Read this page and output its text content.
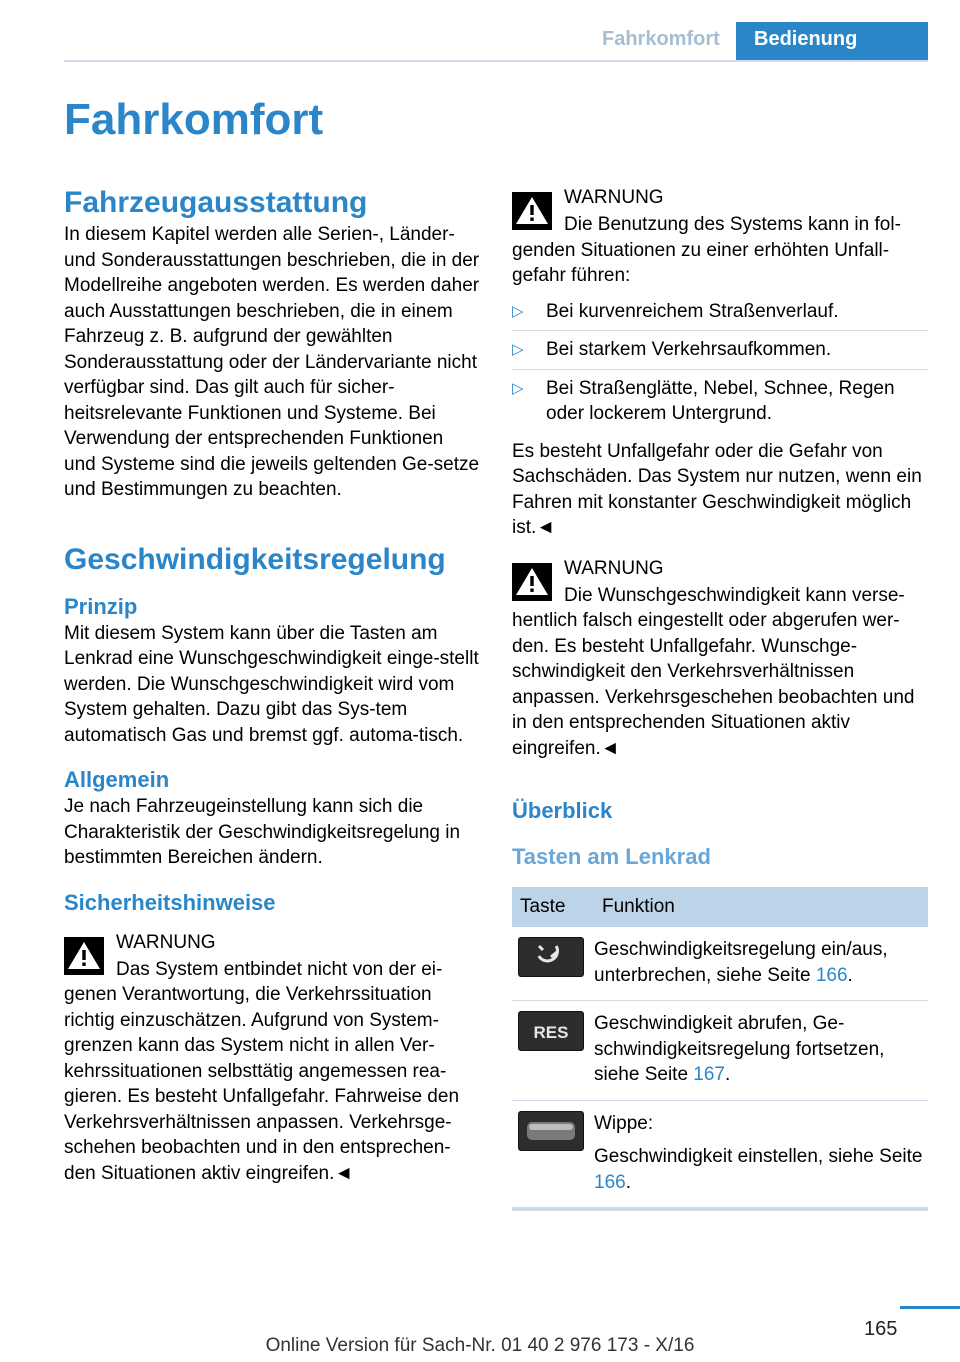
Fahrkomfort Bedienung
Fahrkomfort
Fahrzeugausstattung

In diesem Kapitel werden alle Serien-, Länder- und Sonderausstattungen beschrieben, die in der Modellreihe angeboten werden. Es werden daher auch Ausstattungen beschrieben, die in einem Fahrzeug z. B. aufgrund der gewählten Sonderausstattung oder der Ländervariante nicht verfügbar sind. Das gilt auch für sicher-heitsrelevante Funktionen und Systeme. Bei Verwendung der entsprechenden Funktionen und Systeme sind die jeweils geltenden Ge-setze und Bestimmungen zu beachten.

Geschwindigkeitsregelung
Prinzip

Mit diesem System kann über die Tasten am Lenkrad eine Wunschgeschwindigkeit einge-stellt werden. Die Wunschgeschwindigkeit wird vom System gehalten. Dazu gibt das Sys-tem automatisch Gas und bremst ggf. automa-tisch.

Allgemein

Je nach Fahrzeugeinstellung kann sich die Charakteristik der Geschwindigkeitsregelung in bestimmten Bereichen ändern.

Sicherheitshinweise
WARNUNG

Das System entbindet nicht von der ei-genen Verantwortung, die Verkehrssituation richtig einzuschätzen. Aufgrund von System-grenzen kann das System nicht in allen Ver-kehrssituationen selbsttätig angemessen rea-gieren. Es besteht Unfallgefahr. Fahrweise den Verkehrsverhältnissen anpassen. Verkehrsge-schehen beobachten und in den entsprechen-den Situationen aktiv eingreifen.◄

WARNUNG

Die Benutzung des Systems kann in fol-genden Situationen zu einer erhöhten Unfall-gefahr führen:

▷ Bei kurvenreichem Straßenverlauf.
▷ Bei starkem Verkehrsaufkommen.
▷ Bei Straßenglätte, Nebel, Schnee, Regen oder lockerem Untergrund.

Es besteht Unfallgefahr oder die Gefahr von Sachschäden. Das System nur nutzen, wenn ein Fahren mit konstanter Geschwindigkeit möglich ist.◄

WARNUNG

Die Wunschgeschwindigkeit kann verse-hentlich falsch eingestellt oder abgerufen wer-den. Es besteht Unfallgefahr. Wunschge-schwindigkeit den Verkehrsverhältnissen anpassen. Verkehrsgeschehen beobachten und in den entsprechenden Situationen aktiv eingreifen.◄

Überblick
Tasten am Lenkrad
Taste	Funktion

	Geschwindigkeitsregelung ein/aus, unterbrechen, siehe Seite 166.

RES	Geschwindigkeit abrufen, Ge-schwindigkeitsregelung fortsetzen, siehe Seite 167.

Wippe:
Geschwindigkeit einstellen, siehe Seite 166.
165
Online Version für Sach-Nr. 01 40 2 976 173 - X/16
